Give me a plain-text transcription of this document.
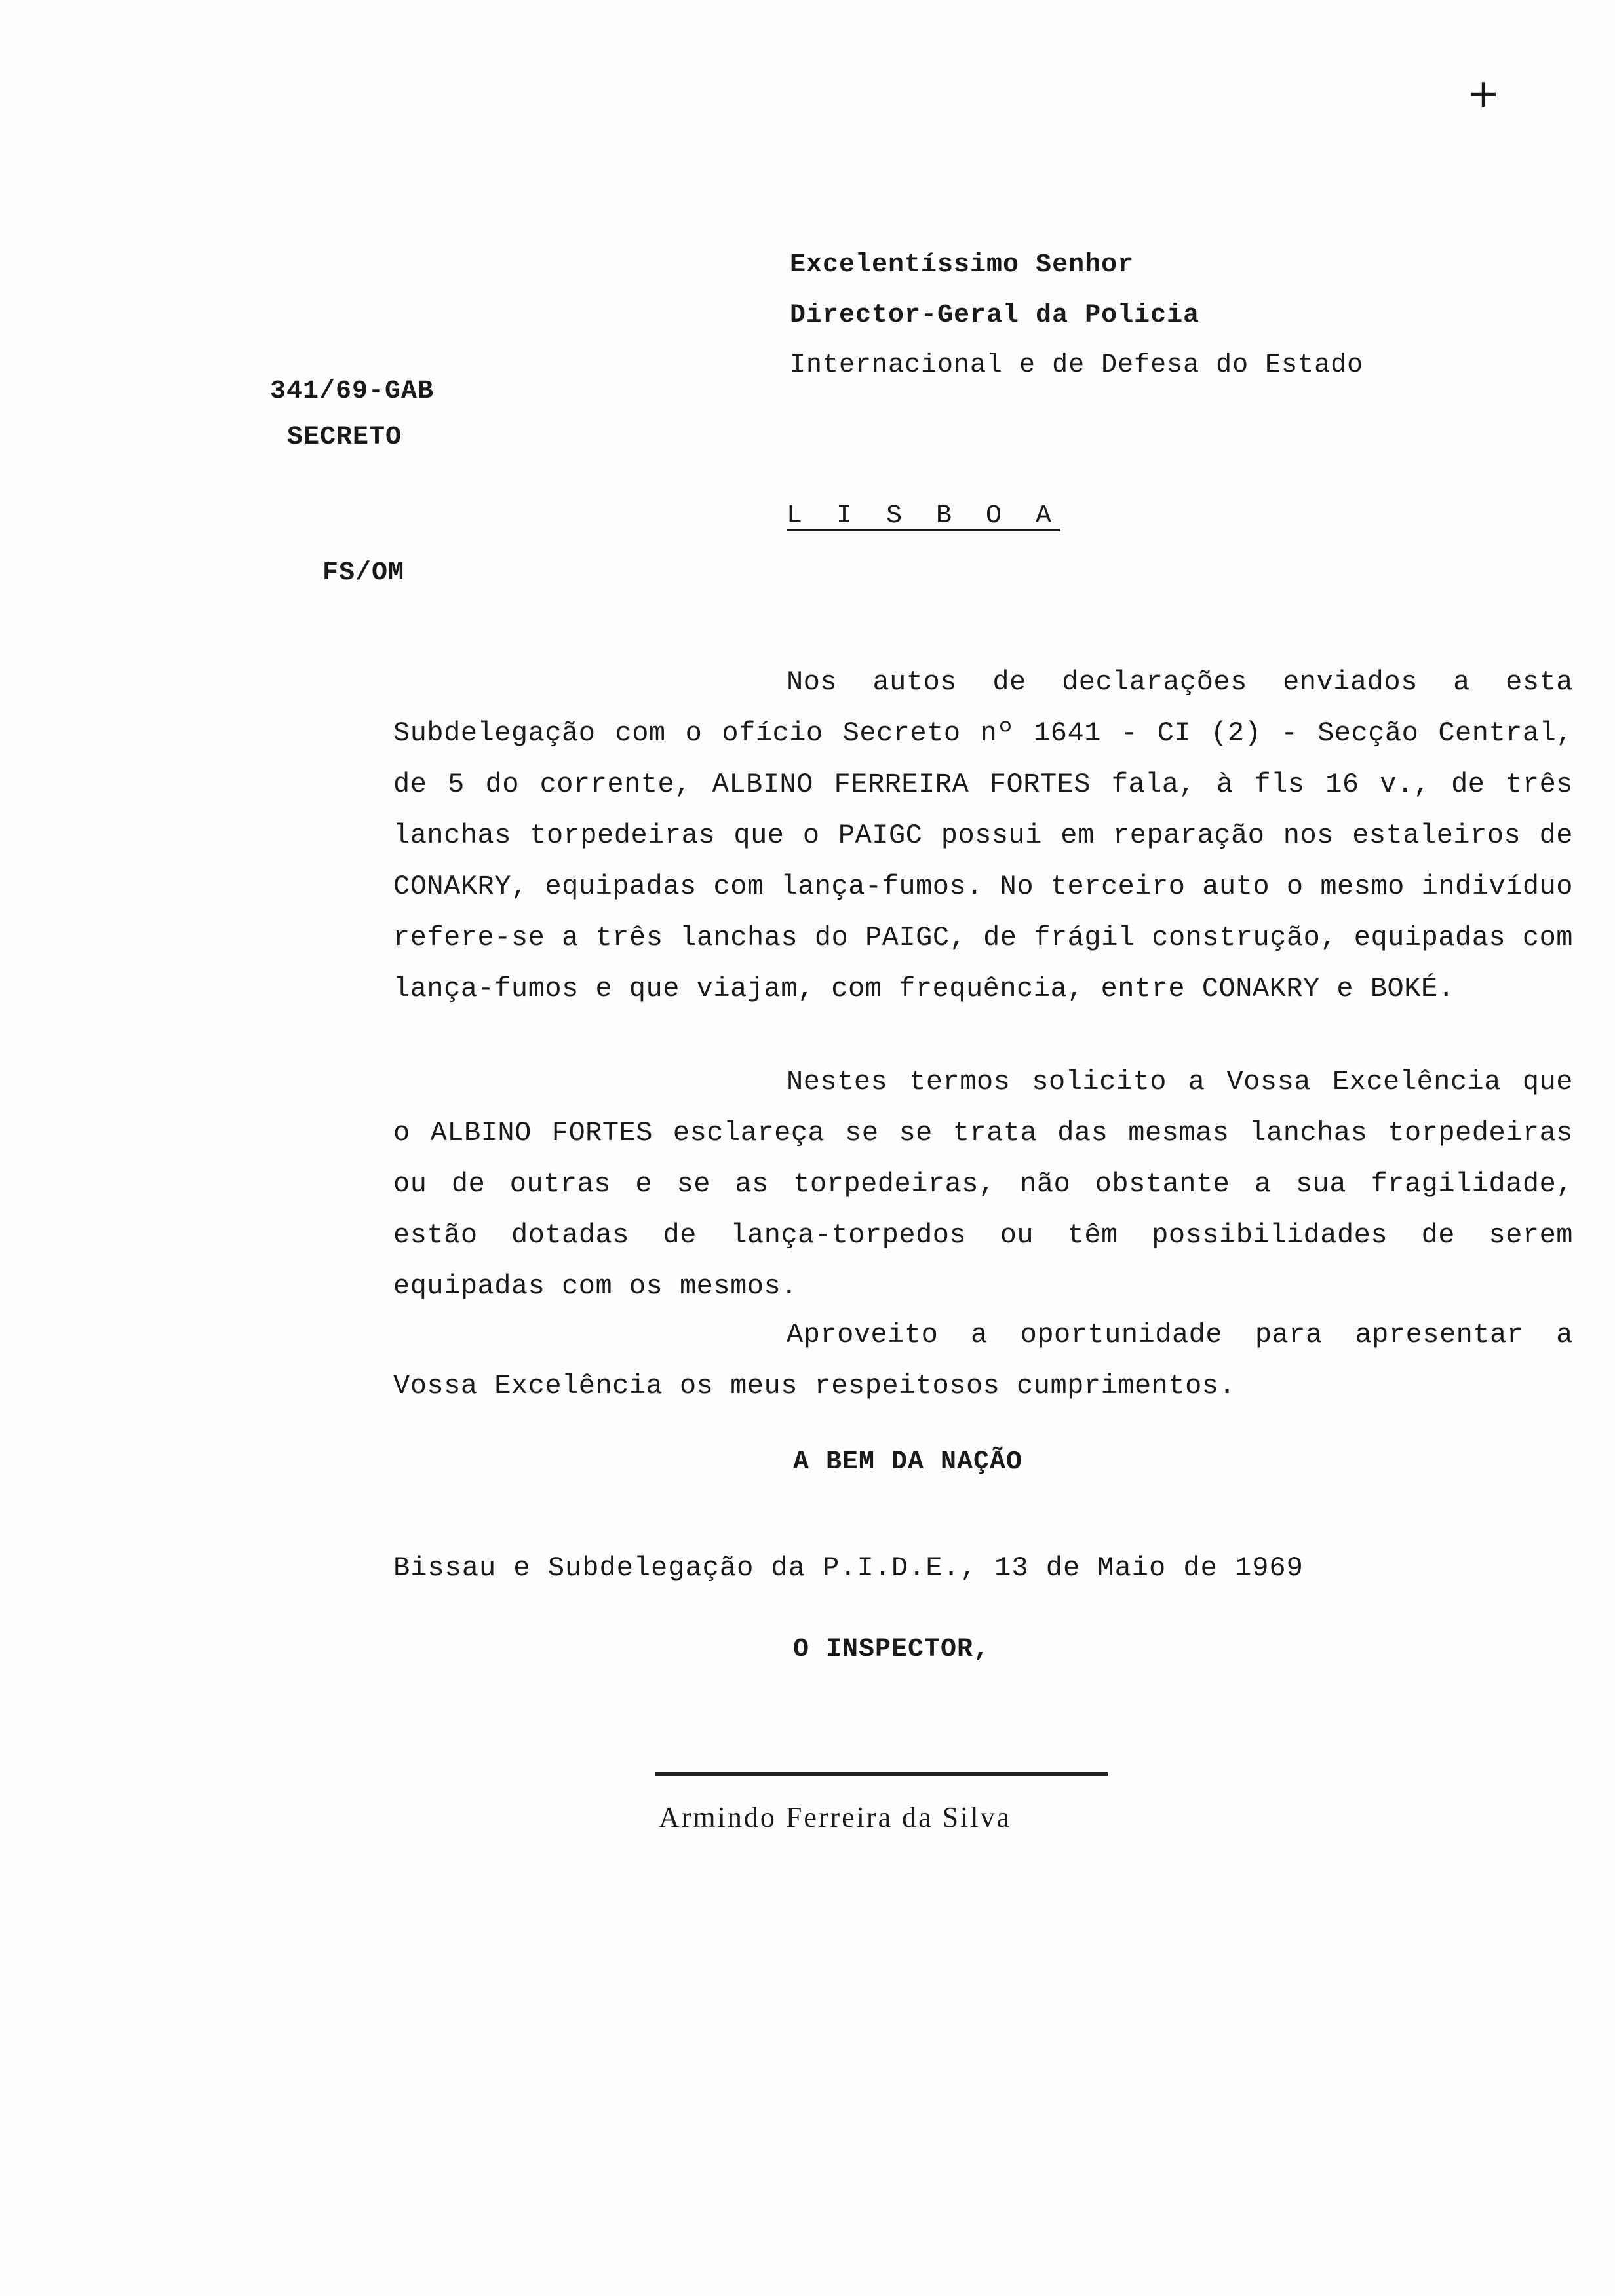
+
Excelentíssimo Senhor
Director-Geral da Policia
Internacional e de Defesa do Estado
341/69-GAB
SECRETO
L I S B O A
FS/OM
Nos autos de declarações enviados a esta Subdelegação com o ofício Secreto nº 1641 - CI (2) - Secção Central, de 5 do corrente, ALBINO FERREIRA FORTES fala, à fls 16 v., de três lanchas torpedeiras que o PAIGC possui em reparação nos estaleiros de CONAKRY, equipadas com lança-fumos. No terceiro auto o mesmo indivíduo refere-se a três lanchas do PAIGC, de frágil construção, equipadas com lança-fumos e que viajam, com frequência, entre CONAKRY e BOKÉ.
Nestes termos solicito a Vossa Excelência que o ALBINO FORTES esclareça se se trata das mesmas lanchas torpedeiras ou de outras e se as torpedeiras, não obstante a sua fragilidade, estão dotadas de lança-torpedos ou têm possibilidades de serem equipadas com os mesmos.
Aproveito a oportunidade para apresentar a Vossa Excelência os meus respeitosos cumprimentos.
A BEM DA NAÇÃO
Bissau e Subdelegação da P.I.D.E., 13 de Maio de 1969
O INSPECTOR,
Armindo Ferreira da Silva
